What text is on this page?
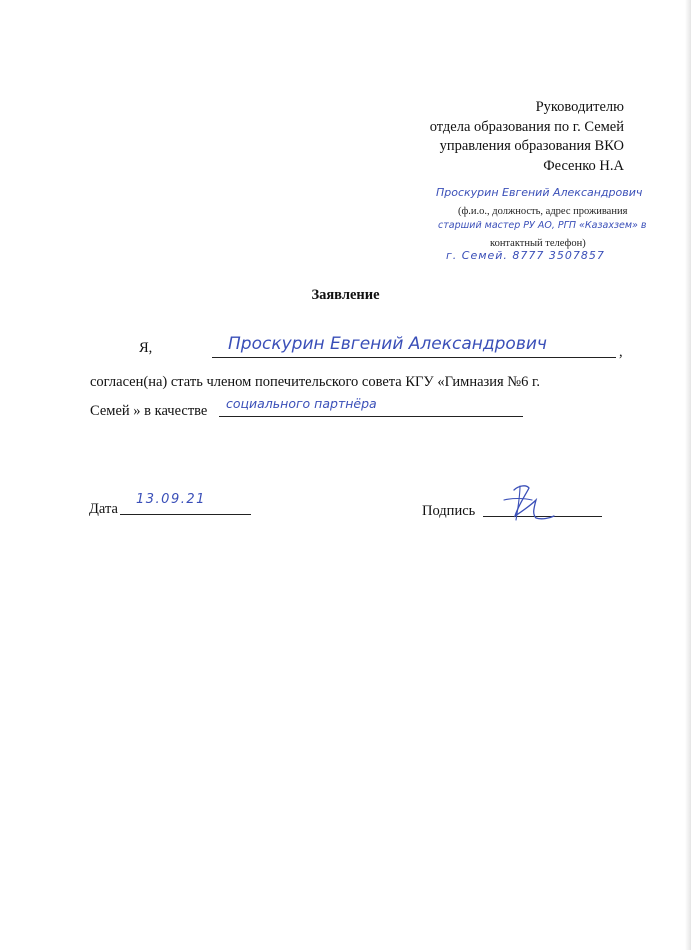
Руководителю
отдела образования по г. Семей
управления образования ВКО
Фесенко Н.А
Проскурин Евгений Александрович
(ф.и.о., должность, адрес проживания
старший мастер РУ АО, РГП «Казахзем» в
контактный телефон)
г. Семей. 8777 3507857
Заявление
Я,	Проскурин Евгений Александрович	,
согласен(на) стать членом попечительского совета КГУ «Гимназия №6 г.
Семей » в качестве социального партнёра
Дата
13.09.21
Подпись
